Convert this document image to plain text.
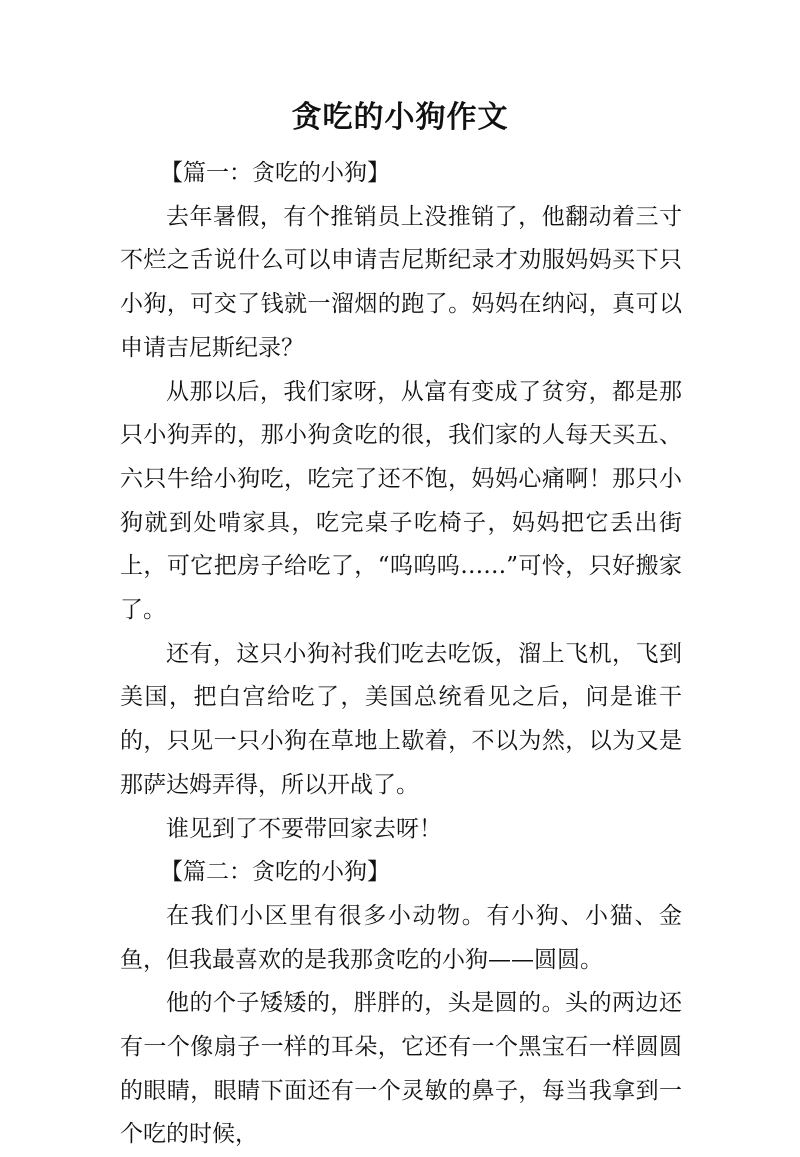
贪吃的小狗作文

【篇一：贪吃的小狗】

去年暑假，有个推销员上没推销了，他翻动着三寸不烂之舌说什么可以申请吉尼斯纪录才劝服妈妈买下只小狗，可交了钱就一溜烟的跑了。妈妈在纳闷，真可以申请吉尼斯纪录？

从那以后，我们家呀，从富有变成了贫穷，都是那只小狗弄的，那小狗贪吃的很，我们家的人每天买五、六只牛给小狗吃，吃完了还不饱，妈妈心痛啊！那只小狗就到处啃家具，吃完桌子吃椅子，妈妈把它丢出街上，可它把房子给吃了，“呜呜呜……”可怜，只好搬家了。

还有，这只小狗衬我们吃去吃饭，溜上飞机，飞到美国，把白宫给吃了，美国总统看见之后，问是谁干的，只见一只小狗在草地上歇着，不以为然，以为又是那萨达姆弄得，所以开战了。

谁见到了不要带回家去呀！

【篇二：贪吃的小狗】

在我们小区里有很多小动物。有小狗、小猫、金鱼，但我最喜欢的是我那贪吃的小狗——圆圆。

他的个子矮矮的，胖胖的，头是圆的。头的两边还有一个像扇子一样的耳朵，它还有一个黑宝石一样圆圆的眼睛，眼睛下面还有一个灵敏的鼻子，每当我拿到一个吃的时候，
